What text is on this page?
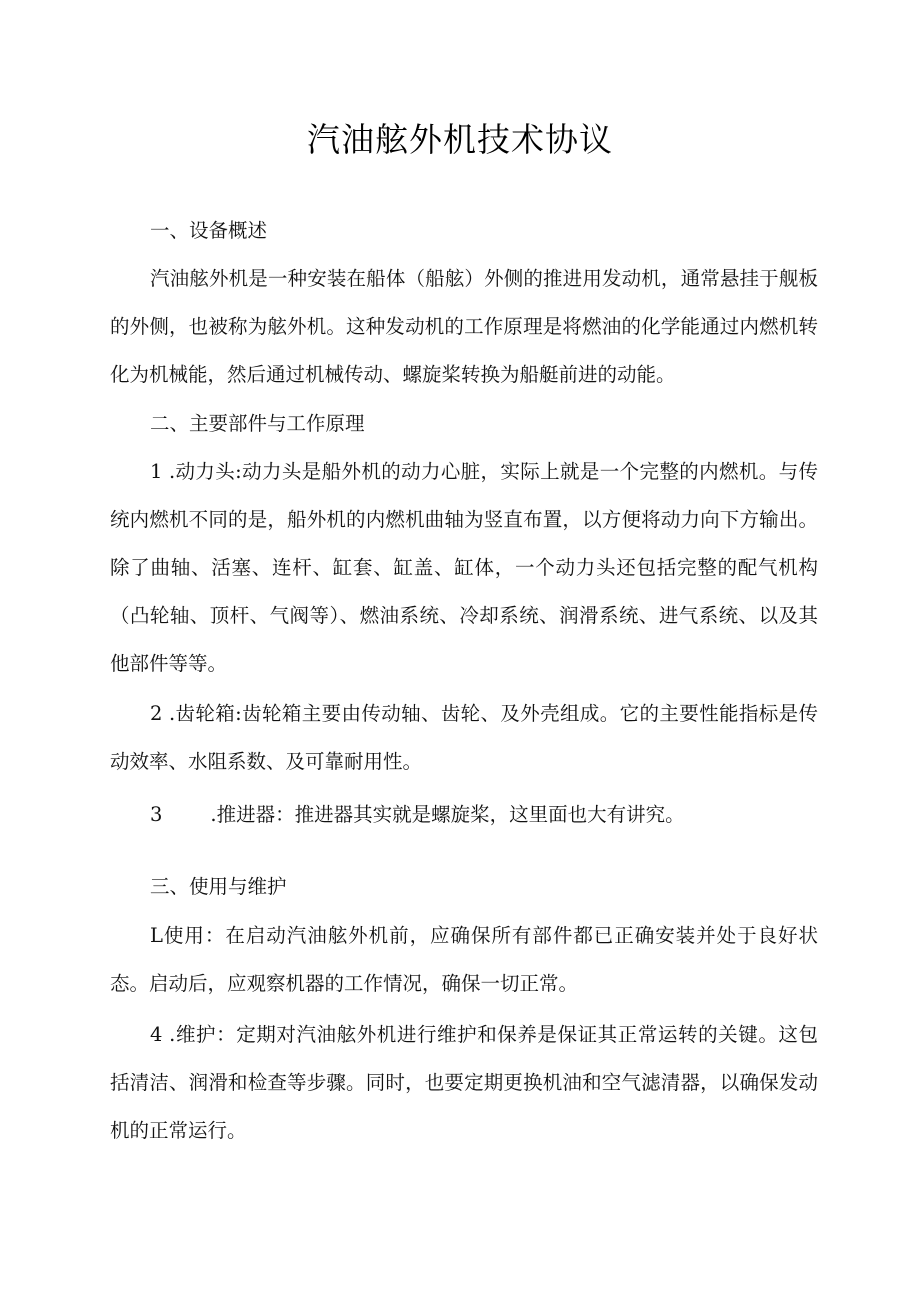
汽油舷外机技术协议

一、设备概述

汽油舷外机是一种安装在船体（船舷）外侧的推进用发动机，通常悬挂于舰板的外侧，也被称为舷外机。这种发动机的工作原理是将燃油的化学能通过内燃机转化为机械能，然后通过机械传动、螺旋桨转换为船艇前进的动能。

二、主要部件与工作原理

1 .动力头:动力头是船外机的动力心脏，实际上就是一个完整的内燃机。与传统内燃机不同的是，船外机的内燃机曲轴为竖直布置，以方便将动力向下方输出。除了曲轴、活塞、连杆、缸套、缸盖、缸体，一个动力头还包括完整的配气机构（凸轮轴、顶杆、气阀等）、燃油系统、冷却系统、润滑系统、进气系统、以及其他部件等等。

2 .齿轮箱:齿轮箱主要由传动轴、齿轮、及外壳组成。它的主要性能指标是传动效率、水阻系数、及可靠耐用性。

3 .推进器：推进器其实就是螺旋桨，这里面也大有讲究。

三、使用与维护

L使用：在启动汽油舷外机前，应确保所有部件都已正确安装并处于良好状态。启动后，应观察机器的工作情况，确保一切正常。

4 .维护：定期对汽油舷外机进行维护和保养是保证其正常运转的关键。这包括清洁、润滑和检查等步骤。同时，也要定期更换机油和空气滤清器，以确保发动机的正常运行。
